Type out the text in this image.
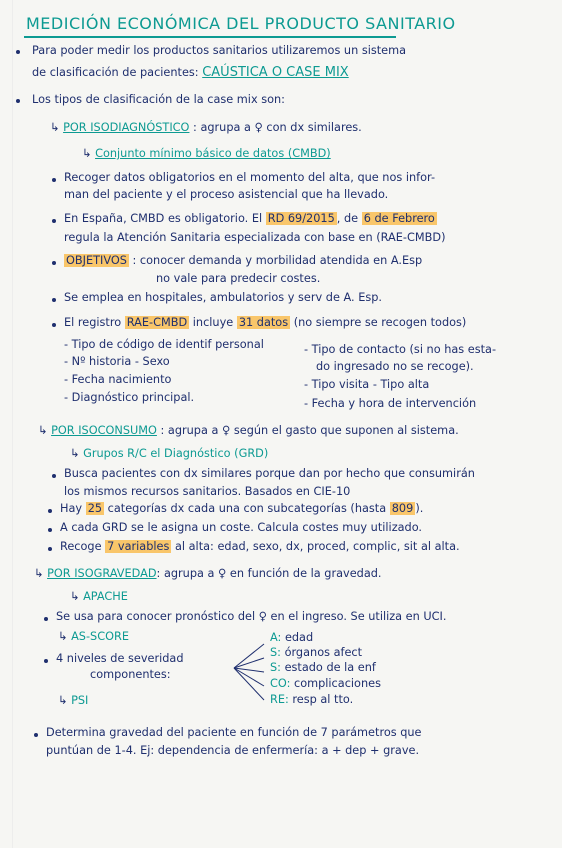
MEDICIÓN ECONÓMICA DEL PRODUCTO SANITARIO
Para poder medir los productos sanitarios utilizaremos un sistema
de clasificación de pacientes: CAÚSTICA O CASE MIX
Los tipos de clasificación de la case mix son:
↳ POR ISODIAGNÓSTICO : agrupa a ♀ con dx similares.
↳ Conjunto mínimo básico de datos (CMBD)
Recoger datos obligatorios en el momento del alta, que nos infor-
man del paciente y el proceso asistencial que ha llevado.
En España, CMBD es obligatorio. El RD 69/2015 , de 6 de Febrero
regula la Atención Sanitaria especializada con base en (RAE-CMBD)
OBJETIVOS : conocer demanda y morbilidad atendida en A.Esp
no vale para predecir costes.
Se emplea en hospitales, ambulatorios y serv de A. Esp.
El registro RAE-CMBD incluye 31 datos (no siempre se recogen todos)
- Tipo de código de identif personal
- Nº historia - Sexo
- Fecha nacimiento
- Diagnóstico principal.
- Tipo de contacto (si no has esta-
do ingresado no se recoge).
- Tipo visita - Tipo alta
- Fecha y hora de intervención
↳ POR ISOCONSUMO : agrupa a ♀ según el gasto que suponen al sistema.
↳ Grupos R/C el Diagnóstico (GRD)
Busca pacientes con dx similares porque dan por hecho que consumirán
los mismos recursos sanitarios. Basados en CIE-10
Hay 25 categorías dx cada una con subcategorías (hasta 809 ).
A cada GRD se le asigna un coste. Calcula costes muy utilizado.
Recoge 7 variables al alta: edad, sexo, dx, proced, complic, sit al alta.
↳ POR ISOGRAVEDAD: agrupa a ♀ en función de la gravedad.
↳ APACHE
Se usa para conocer pronóstico del ♀ en el ingreso. Se utiliza en UCI.
↳ AS-SCORE
4 niveles de severidad
componentes:
A: edad
S: órganos afect
S: estado de la enf
CO: complicaciones
RE: resp al tto.
↳ PSI
Determina gravedad del paciente en función de 7 parámetros que
puntúan de 1-4. Ej: dependencia de enfermería: a + dep + grave.
